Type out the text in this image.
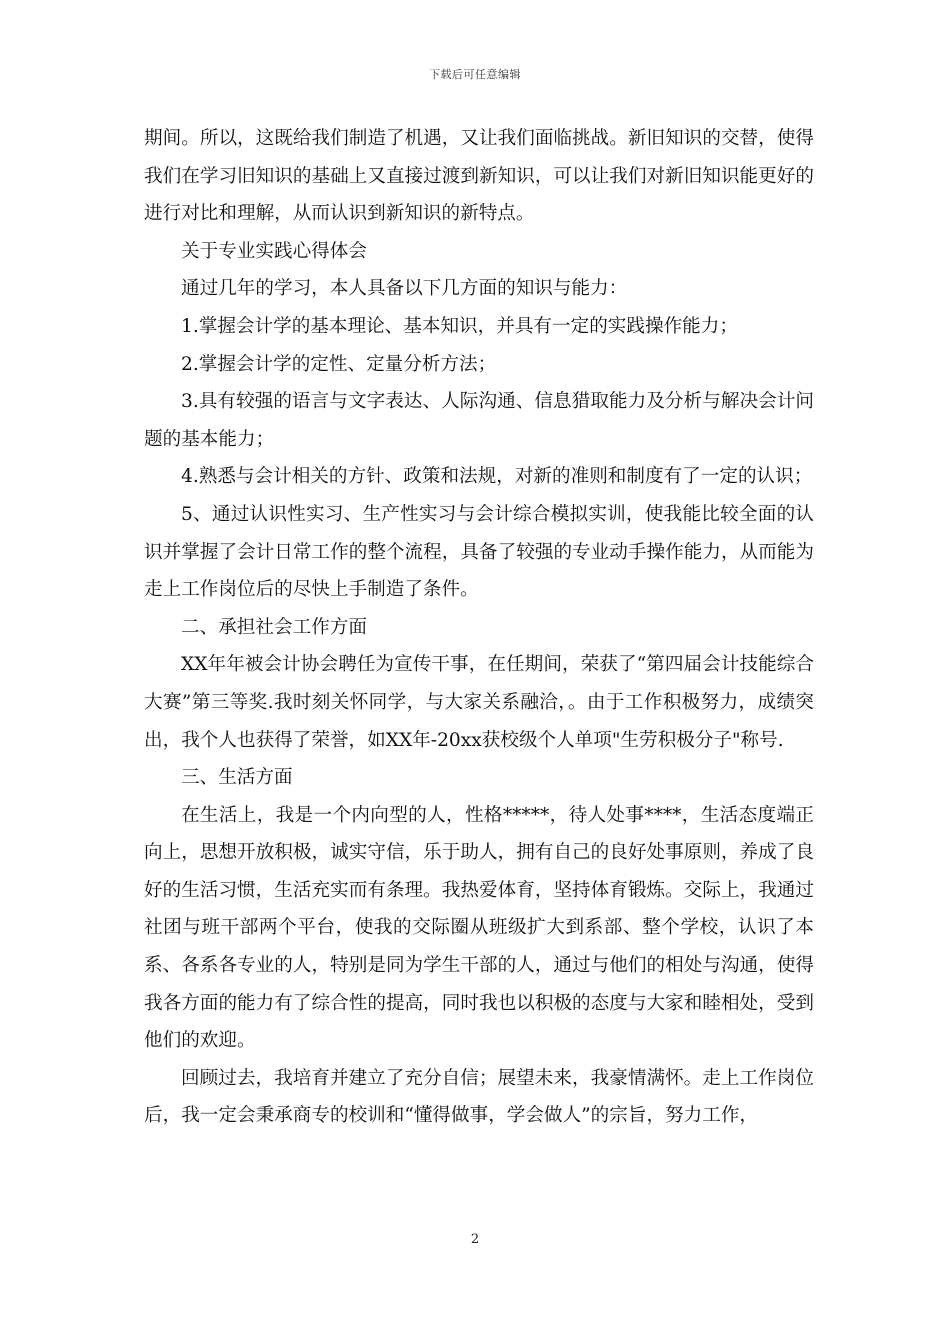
下载后可任意编辑

期间。所以，这既给我们制造了机遇，又让我们面临挑战。新旧知识的交替，使得我们在学习旧知识的基础上又直接过渡到新知识，可以让我们对新旧知识能更好的进行对比和理解，从而认识到新知识的新特点。

关于专业实践心得体会

通过几年的学习，本人具备以下几方面的知识与能力：

1.掌握会计学的基本理论、基本知识，并具有一定的实践操作能力；

2.掌握会计学的定性、定量分析方法；

3.具有较强的语言与文字表达、人际沟通、信息猎取能力及分析与解决会计问题的基本能力；

4.熟悉与会计相关的方针、政策和法规，对新的准则和制度有了一定的认识；

5、通过认识性实习、生产性实习与会计综合模拟实训，使我能比较全面的认识并掌握了会计日常工作的整个流程，具备了较强的专业动手操作能力，从而能为走上工作岗位后的尽快上手制造了条件。

二、承担社会工作方面

XX年年被会计协会聘任为宣传干事，在任期间，荣获了“第四届会计技能综合大赛”第三等奖.我时刻关怀同学，与大家关系融洽，。由于工作积极努力，成绩突出，我个人也获得了荣誉，如XX年-20xx获校级个人单项"生劳积极分子"称号.

三、生活方面

在生活上，我是一个内向型的人，性格*****，待人处事****，生活态度端正向上，思想开放积极，诚实守信，乐于助人，拥有自己的良好处事原则，养成了良好的生活习惯，生活充实而有条理。我热爱体育，坚持体育锻炼。交际上，我通过社团与班干部两个平台，使我的交际圈从班级扩大到系部、整个学校，认识了本系、各系各专业的人，特别是同为学生干部的人，通过与他们的相处与沟通，使得我各方面的能力有了综合性的提高，同时我也以积极的态度与大家和睦相处，受到他们的欢迎。

回顾过去，我培育并建立了充分自信；展望未来，我豪情满怀。走上工作岗位后，我一定会秉承商专的校训和“懂得做事，学会做人”的宗旨，努力工作，

2
